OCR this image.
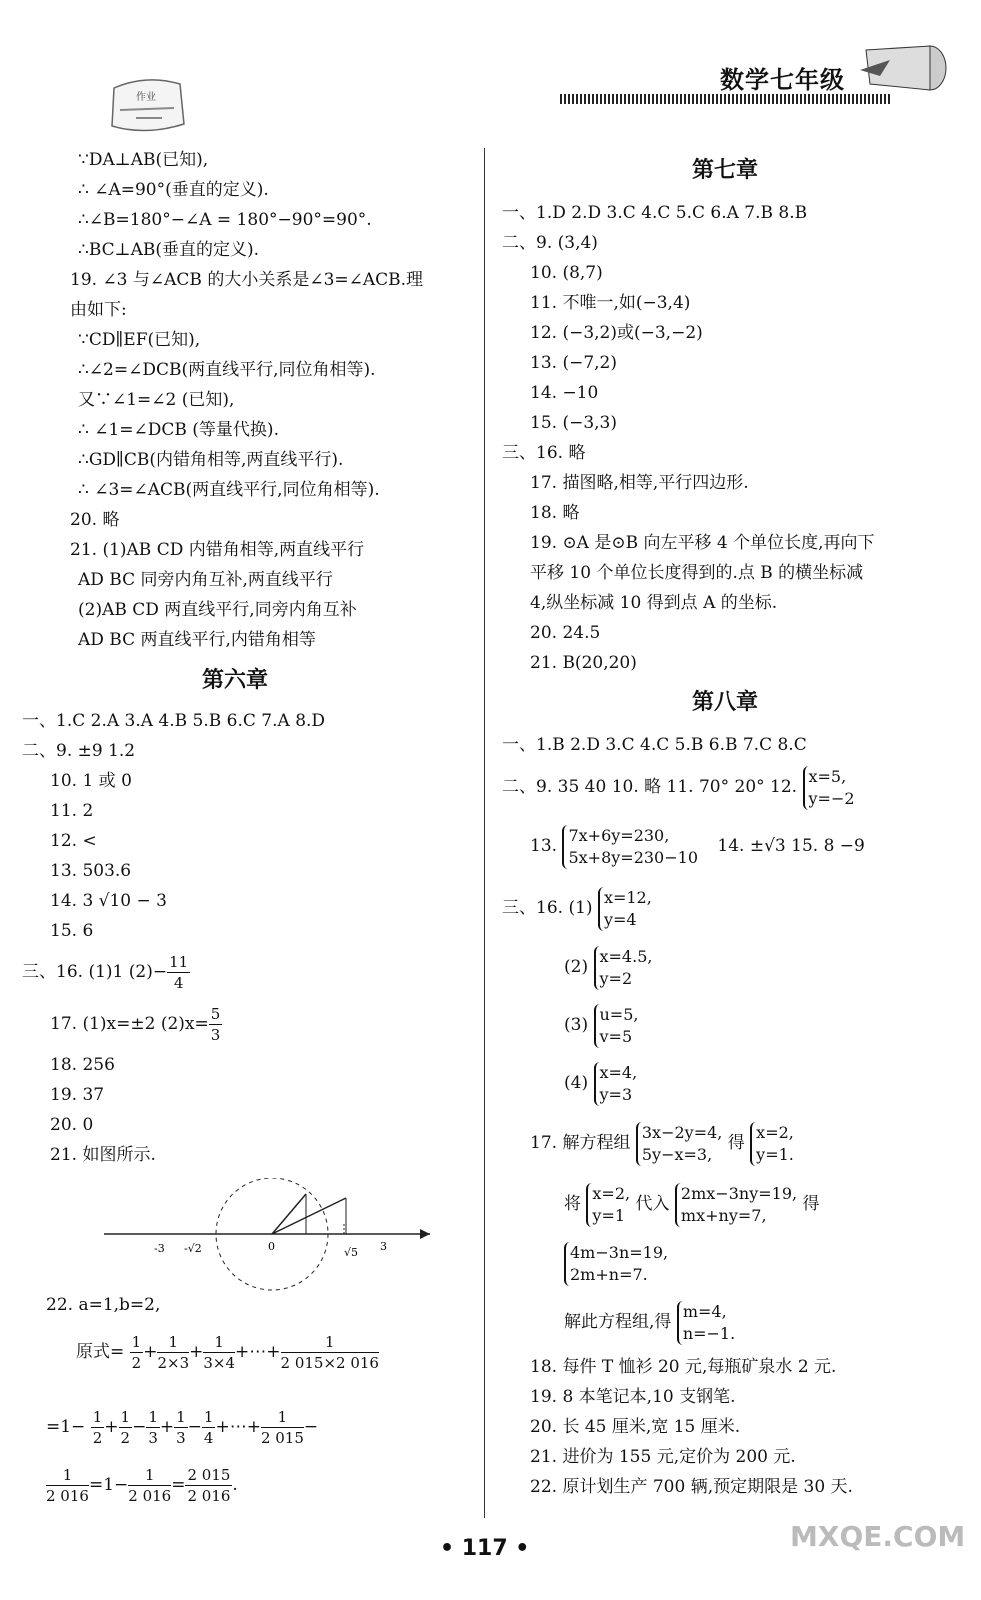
作业
数学七年级
∵DA⊥AB(已知),
∴ ∠A=90°(垂直的定义).
∴∠B=180°−∠A = 180°−90°=90°.
∴BC⊥AB(垂直的定义).
19. ∠3 与∠ACB 的大小关系是∠3=∠ACB.理
由如下:
∵CD∥EF(已知),
∴∠2=∠DCB(两直线平行,同位角相等).
又∵∠1=∠2 (已知),
∴ ∠1=∠DCB (等量代换).
∴GD∥CB(内错角相等,两直线平行).
∴ ∠3=∠ACB(两直线平行,同位角相等).
20. 略
21. (1)AB CD 内错角相等,两直线平行
AD BC 同旁内角互补,两直线平行
(2)AB CD 两直线平行,同旁内角互补
AD BC 两直线平行,内错角相等
第六章
一、1.C 2.A 3.A 4.B 5.B 6.C 7.A 8.D
二、9. ±9 1.2
10. 1 或 0
11. 2
12. <
13. 503.6
14. 3 √10 − 3
15. 6
三、16. (1)1 $(2)- \frac{11}{4}$
17. (1)x=±2 $(2)x= \frac{5}{3}$
18. 256
19. 37
20. 0
21. 如图所示.
-3 -√2	0	√5 3
22. a=1,b=2,
原式= $\frac{1}{2} + \frac{1}{2\times 3} + \frac{1}{3\times 4}$ +⋯+ $\frac{1}{2 015\times 2 016}$
$=1- \frac{1}{2} + \frac{1}{2} - \frac{1}{3} + \frac{1}{3} - \frac{1}{4}$ +⋯+ $\frac{1}{2 015}$ −
$\frac{1}{2 016} =1- \frac{1}{2 016} = \frac{2 015}{2 016}$ .
第七章
一、1.D 2.D 3.C 4.C 5.C 6.A 7.B 8.B
二、9. (3,4)
10. (8,7)
11. 不唯一,如(−3,4)
12. (−3,2)或(−3,−2)
13. (−7,2)
14. −10
15. (−3,3)
三、16. 略
17. 描图略,相等,平行四边形.
18. 略
19. ⊙A 是⊙B 向左平移 4 个单位长度,再向下
平移 10 个单位长度得到的.点 B 的横坐标减
4,纵坐标减 10 得到点 A 的坐标.
20. 24.5
21. B(20,20)
第八章
一、1.B 2.D 3.C 4.C 5.B 6.B 7.C 8.C
二、9. 35 40 10. 略 11. 70° 20° 12.
x=5,
y=−2
13.
7x+6y=230,
5x+8y=230−10
14. ±√3 15. 8 −9
三、16. (1)
x=12,
y=4
(2)
x=4.5,
y=2
(3)
u=5,
v=5
(4)
x=4,
y=3
17. 解方程组
3x−2y=4,
5y−x=3,
得
x=2,
y=1.
将
x=2,
y=1
代入
2mx−3ny=19,
mx+ny=7,
得
4m−3n=19,
2m+n=7.
解此方程组,得
m=4,
n=−1.
18. 每件 T 恤衫 20 元,每瓶矿泉水 2 元.
19. 8 本笔记本,10 支钢笔.
20. 长 45 厘米,宽 15 厘米.
21. 进价为 155 元,定价为 200 元.
22. 原计划生产 700 辆,预定期限是 30 天.
• 117 •	MXQE.COM
